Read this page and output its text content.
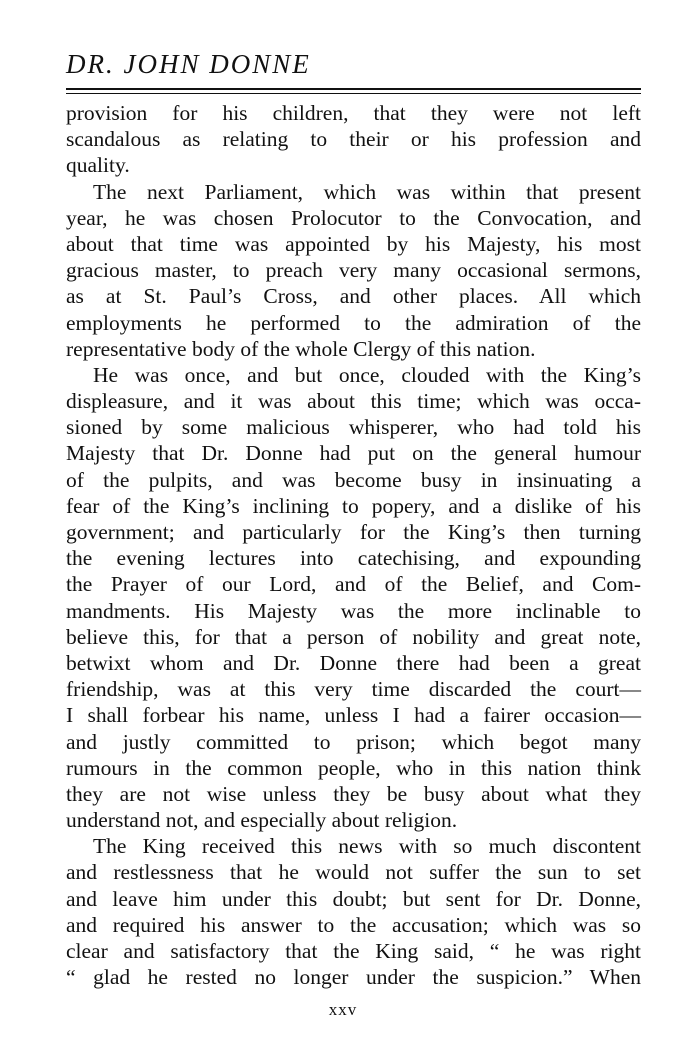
DR. JOHN DONNE
provision for his children, that they were not left
scandalous as relating to their or his profession and
quality.
The next Parliament, which was within that present
year, he was chosen Prolocutor to the Convocation, and
about that time was appointed by his Majesty, his most
gracious master, to preach very many occasional sermons,
as at St. Paul’s Cross, and other places. All which
employments he performed to the admiration of the
representative body of the whole Clergy of this nation.
He was once, and but once, clouded with the King’s
displeasure, and it was about this time; which was occa-
sioned by some malicious whisperer, who had told his
Majesty that Dr. Donne had put on the general humour
of the pulpits, and was become busy in insinuating a
fear of the King’s inclining to popery, and a dislike of his
government; and particularly for the King’s then turning
the evening lectures into catechising, and expounding
the Prayer of our Lord, and of the Belief, and Com-
mandments. His Majesty was the more inclinable to
believe this, for that a person of nobility and great note,
betwixt whom and Dr. Donne there had been a great
friendship, was at this very time discarded the court—
I shall forbear his name, unless I had a fairer occasion—
and justly committed to prison; which begot many
rumours in the common people, who in this nation think
they are not wise unless they be busy about what they
understand not, and especially about religion.
The King received this news with so much discontent
and restlessness that he would not suffer the sun to set
and leave him under this doubt; but sent for Dr. Donne,
and required his answer to the accusation; which was so
clear and satisfactory that the King said, “ he was right
“ glad he rested no longer under the suspicion.” When
xxv
